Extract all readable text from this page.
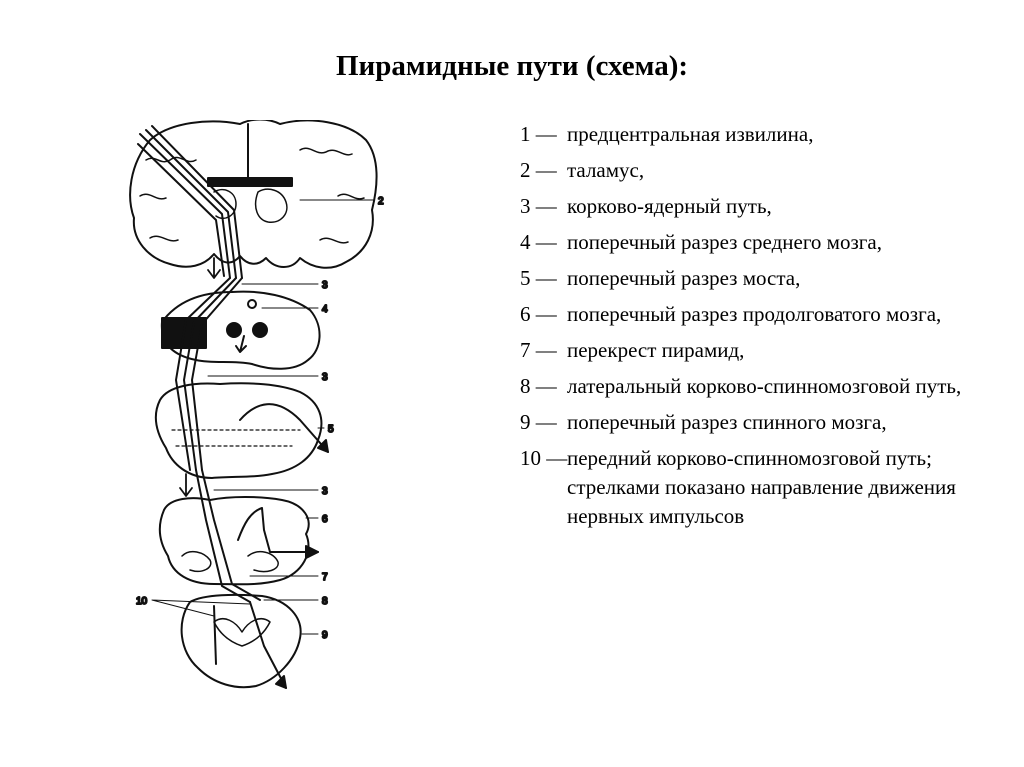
Пирамидные пути (схема):
1 — предцентральная извилина,
2 — таламус,
3 — корково-ядерный путь,
4 — поперечный разрез среднего мозга,
5 — поперечный разрез моста,
6 — поперечный разрез продолговатого мозга,
7 — перекрест пирамид,
8 — латеральный корково-спинномозговой путь,
9 — поперечный разрез спинного мозга,
10 — передний корково-спинномозговой путь; стрелками показано направление движения нервных импульсов
2
3
4
3
5
3
6
7
8
10
9
